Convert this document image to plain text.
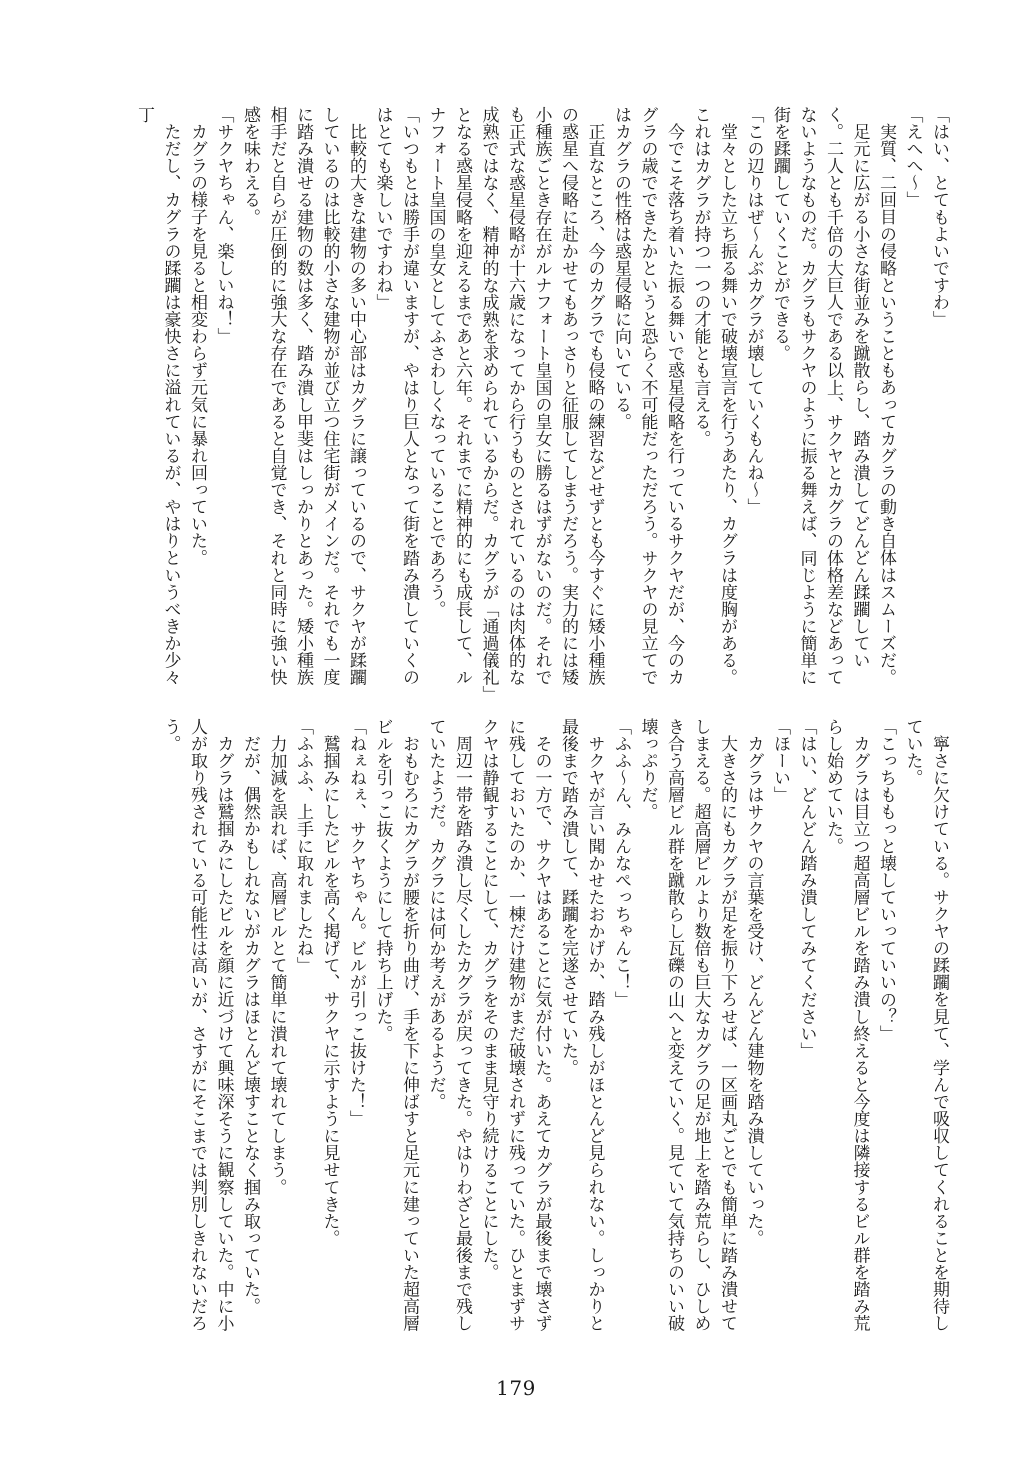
「はい、とてもよいですわ」

「えへへ～」

実質、二回目の侵略ということもあってカグラの動き自体はスムーズだ。

足元に広がる小さな街並みを蹴散らし、踏み潰してどんどん蹂躙していく。二人とも千倍の大巨人である以上、サクヤとカグラの体格差などあってないようなものだ。カグラもサクヤのように振る舞えば、同じように簡単に街を蹂躙していくことができる。

「この辺りはぜ～んぶカグラが壊していくもんね～」

堂々とした立ち振る舞いで破壊宣言を行うあたり、カグラは度胸がある。これはカグラが持つ一つの才能とも言える。

今でこそ落ち着いた振る舞いで惑星侵略を行っているサクヤだが、今のカグラの歳でできたかというと恐らく不可能だっただろう。サクヤの見立てではカグラの性格は惑星侵略に向いている。

正直なところ、今のカグラでも侵略の練習などせずとも今すぐに矮小種族の惑星へ侵略に赴かせてもあっさりと征服してしまうだろう。実力的には矮小種族ごとき存在がルナフォート皇国の皇女に勝るはずがないのだ。それでも正式な惑星侵略が十六歳になってから行うものとされているのは肉体的な成熟ではなく、精神的な成熟を求められているからだ。カグラが「通過儀礼」となる惑星侵略を迎えるまであと六年。それまでに精神的にも成長して、ルナフォート皇国の皇女としてふさわしくなっていることであろう。

「いつもとは勝手が違いますが、やはり巨人となって街を踏み潰していくのはとても楽しいですわね」

比較的大きな建物の多い中心部はカグラに譲っているので、サクヤが蹂躙しているのは比較的小さな建物が並び立つ住宅街がメインだ。それでも一度に踏み潰せる建物の数は多く、踏み潰し甲斐はしっかりとあった。矮小種族相手だと自らが圧倒的に強大な存在であると自覚でき、それと同時に強い快感を味わえる。

「サクヤちゃん、楽しいね！」

カグラの様子を見ると相変わらず元気に暴れ回っていた。

ただし、カグラの蹂躙は豪快さに溢れているが、やはりというべきか少々丁

寧さに欠けている。サクヤの蹂躙を見て、学んで吸収してくれることを期待していた。

「こっちももっと壊していっていいの？」

カグラは目立つ超高層ビルを踏み潰し終えると今度は隣接するビル群を踏み荒らし始めていた。

「はい、どんどん踏み潰してみてください」

「ほーい」

カグラはサクヤの言葉を受け、どんどん建物を踏み潰していった。

大きさ的にもカグラが足を振り下ろせば、一区画丸ごとでも簡単に踏み潰せてしまえる。超高層ビルより数倍も巨大なカグラの足が地上を踏み荒らし、ひしめき合う高層ビル群を蹴散らし瓦礫の山へと変えていく。見ていて気持ちのいい破壊っぷりだ。

「ふふ～ん、みんなぺっちゃんこ！」

サクヤが言い聞かせたおかげか、踏み残しがほとんど見られない。しっかりと最後まで踏み潰して、蹂躙を完遂させていた。

その一方で、サクヤはあることに気が付いた。あえてカグラが最後まで壊さずに残しておいたのか、一棟だけ建物がまだ破壊されずに残っていた。ひとまずサクヤは静観することにして、カグラをそのまま見守り続けることにした。

周辺一帯を踏み潰し尽くしたカグラが戻ってきた。やはりわざと最後まで残していたようだ。カグラには何か考えがあるようだ。

おもむろにカグラが腰を折り曲げ、手を下に伸ばすと足元に建っていた超高層ビルを引っこ抜くようにして持ち上げた。

「ねぇねぇ、サクヤちゃん。ビルが引っこ抜けた！」

鷲掴みにしたビルを高く掲げて、サクヤに示すように見せてきた。

「ふふふ、上手に取れましたね」

力加減を誤れば、高層ビルとて簡単に潰れて壊れてしまう。

だが、偶然かもしれないがカグラはほとんど壊すことなく掴み取っていた。

カグラは鷲掴みにしたビルを顔に近づけて興味深そうに観察していた。中に小人が取り残されている可能性は高いが、さすがにそこまでは判別しきれないだろう。

179
